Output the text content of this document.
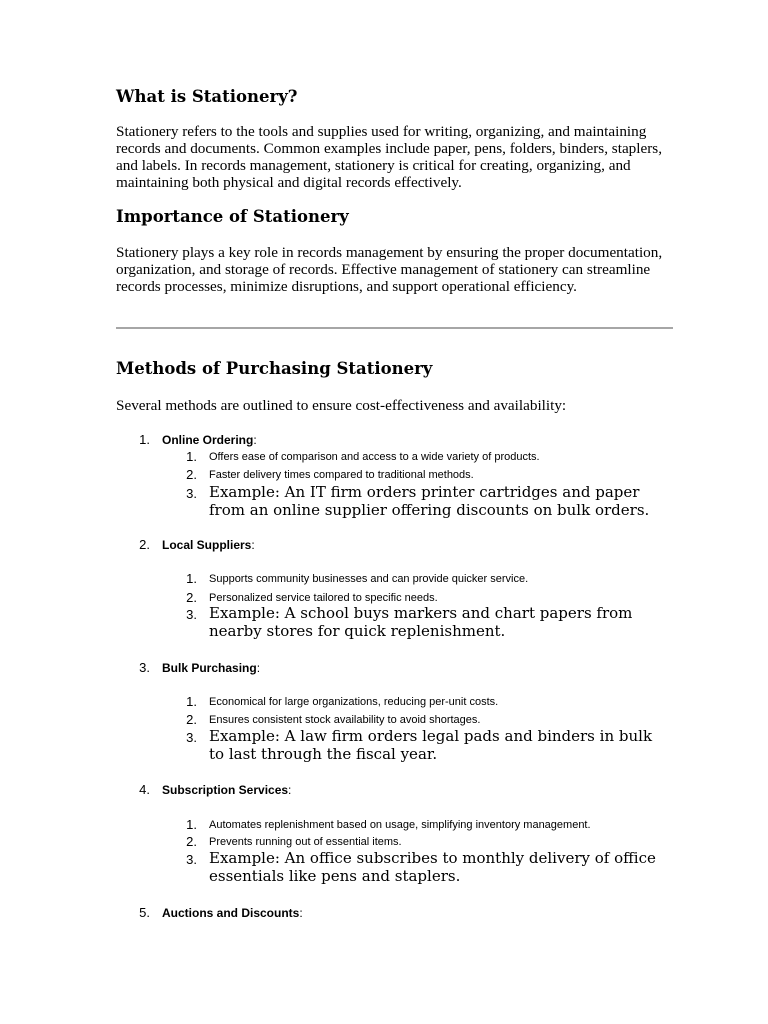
What is Stationery?

Stationery refers to the tools and supplies used for writing, organizing, and maintaining records and documents. Common examples include paper, pens, folders, binders, staplers, and labels. In records management, stationery is critical for creating, organizing, and maintaining both physical and digital records effectively.

Importance of Stationery

Stationery plays a key role in records management by ensuring the proper documentation, organization, and storage of records. Effective management of stationery can streamline records processes, minimize disruptions, and support operational efficiency.

Methods of Purchasing Stationery

Several methods are outlined to ensure cost-effectiveness and availability:

1. Online Ordering:
1. Offers ease of comparison and access to a wide variety of products.
2. Faster delivery times compared to traditional methods.
3. Example: An IT firm orders printer cartridges and paper from an online supplier offering discounts on bulk orders.
2. Local Suppliers:
1. Supports community businesses and can provide quicker service.
2. Personalized service tailored to specific needs.
3. Example: A school buys markers and chart papers from nearby stores for quick replenishment.
3. Bulk Purchasing:
1. Economical for large organizations, reducing per-unit costs.
2. Ensures consistent stock availability to avoid shortages.
3. Example: A law firm orders legal pads and binders in bulk to last through the fiscal year.
4. Subscription Services:
1. Automates replenishment based on usage, simplifying inventory management.
2. Prevents running out of essential items.
3. Example: An office subscribes to monthly delivery of office essentials like pens and staplers.
5. Auctions and Discounts:
